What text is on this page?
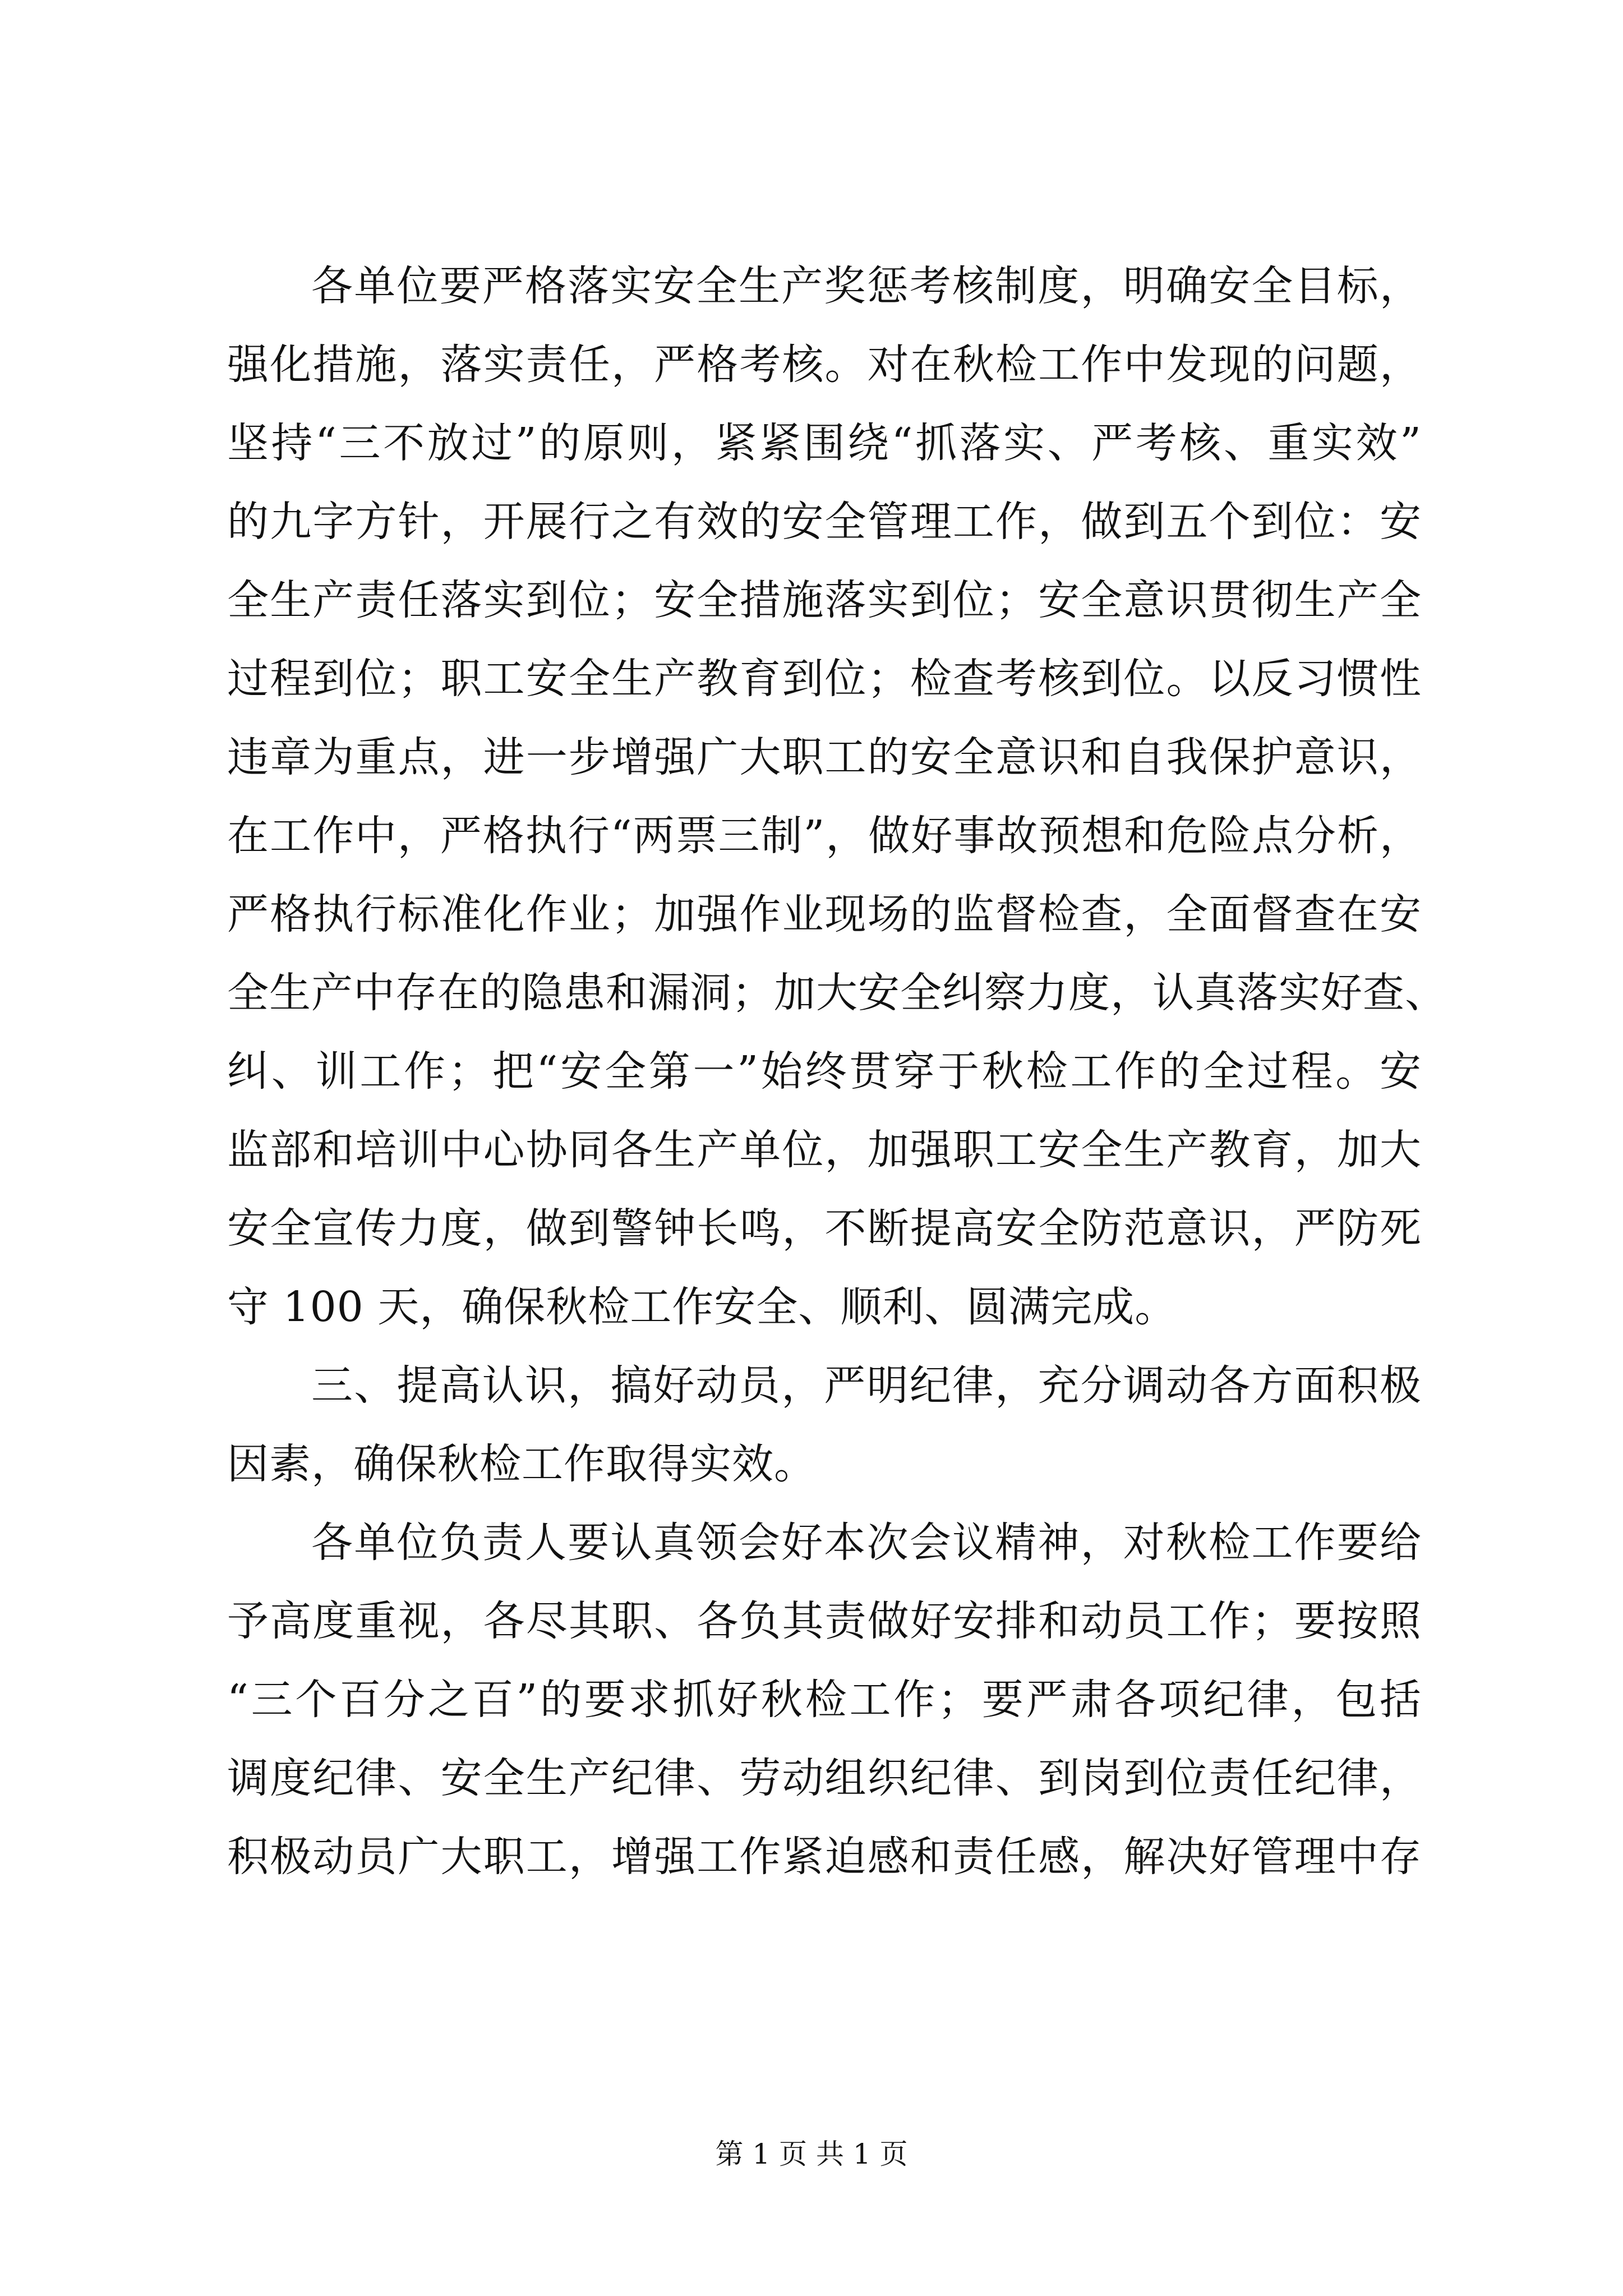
各单位要严格落实安全生产奖惩考核制度，明确安全目标，
强化措施，落实责任，严格考核。对在秋检工作中发现的问题，
坚持“三不放过”的原则，紧紧围绕“抓落实、严考核、重实效”
的九字方针，开展行之有效的安全管理工作，做到五个到位：安
全生产责任落实到位；安全措施落实到位；安全意识贯彻生产全
过程到位；职工安全生产教育到位；检查考核到位。以反习惯性
违章为重点，进一步增强广大职工的安全意识和自我保护意识，
在工作中，严格执行“两票三制”，做好事故预想和危险点分析，
严格执行标准化作业；加强作业现场的监督检查，全面督查在安
全生产中存在的隐患和漏洞；加大安全纠察力度，认真落实好查、
纠、训工作；把“安全第一”始终贯穿于秋检工作的全过程。安
监部和培训中心协同各生产单位，加强职工安全生产教育，加大
安全宣传力度，做到警钟长鸣，不断提高安全防范意识，严防死
守 100 天，确保秋检工作安全、顺利、圆满完成。
三、提高认识，搞好动员，严明纪律，充分调动各方面积极
因素，确保秋检工作取得实效。
各单位负责人要认真领会好本次会议精神，对秋检工作要给
予高度重视，各尽其职、各负其责做好安排和动员工作；要按照
“三个百分之百”的要求抓好秋检工作；要严肃各项纪律，包括
调度纪律、安全生产纪律、劳动组织纪律、到岗到位责任纪律，
积极动员广大职工，增强工作紧迫感和责任感，解决好管理中存
第 1 页 共 1 页
